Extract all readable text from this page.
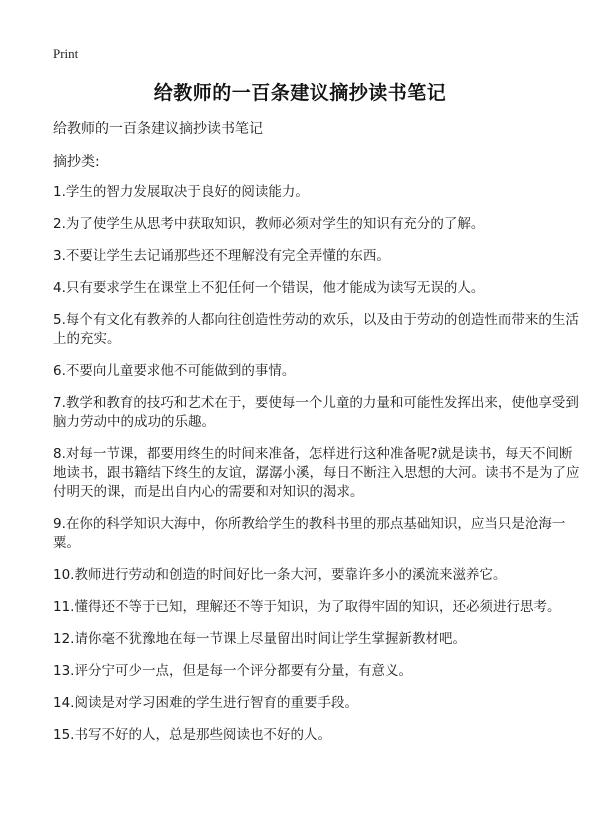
Print
给教师的一百条建议摘抄读书笔记
给教师的一百条建议摘抄读书笔记
摘抄类:

1.学生的智力发展取决于良好的阅读能力。

2.为了使学生从思考中获取知识，教师必须对学生的知识有充分的了解。

3.不要让学生去记诵那些还不理解没有完全弄懂的东西。

4.只有要求学生在课堂上不犯任何一个错误，他才能成为读写无误的人。

5.每个有文化有教养的人都向往创造性劳动的欢乐，以及由于劳动的创造性而带来的生活上的充实。

6.不要向儿童要求他不可能做到的事情。

7.教学和教育的技巧和艺术在于，要使每一个儿童的力量和可能性发挥出来，使他享受到脑力劳动中的成功的乐趣。

8.对每一节课，都要用终生的时间来准备，怎样进行这种准备呢?就是读书，每天不间断地读书，跟书籍结下终生的友谊，潺潺小溪，每日不断注入思想的大河。读书不是为了应付明天的课，而是出自内心的需要和对知识的渴求。

9.在你的科学知识大海中，你所教给学生的教科书里的那点基础知识，应当只是沧海一粟。

10.教师进行劳动和创造的时间好比一条大河，要靠许多小的溪流来滋养它。

11.懂得还不等于已知，理解还不等于知识，为了取得牢固的知识，还必须进行思考。

12.请你毫不犹豫地在每一节课上尽量留出时间让学生掌握新教材吧。

13.评分宁可少一点，但是每一个评分都要有分量，有意义。

14.阅读是对学习困难的学生进行智育的重要手段。

15.书写不好的人，总是那些阅读也不好的人。
